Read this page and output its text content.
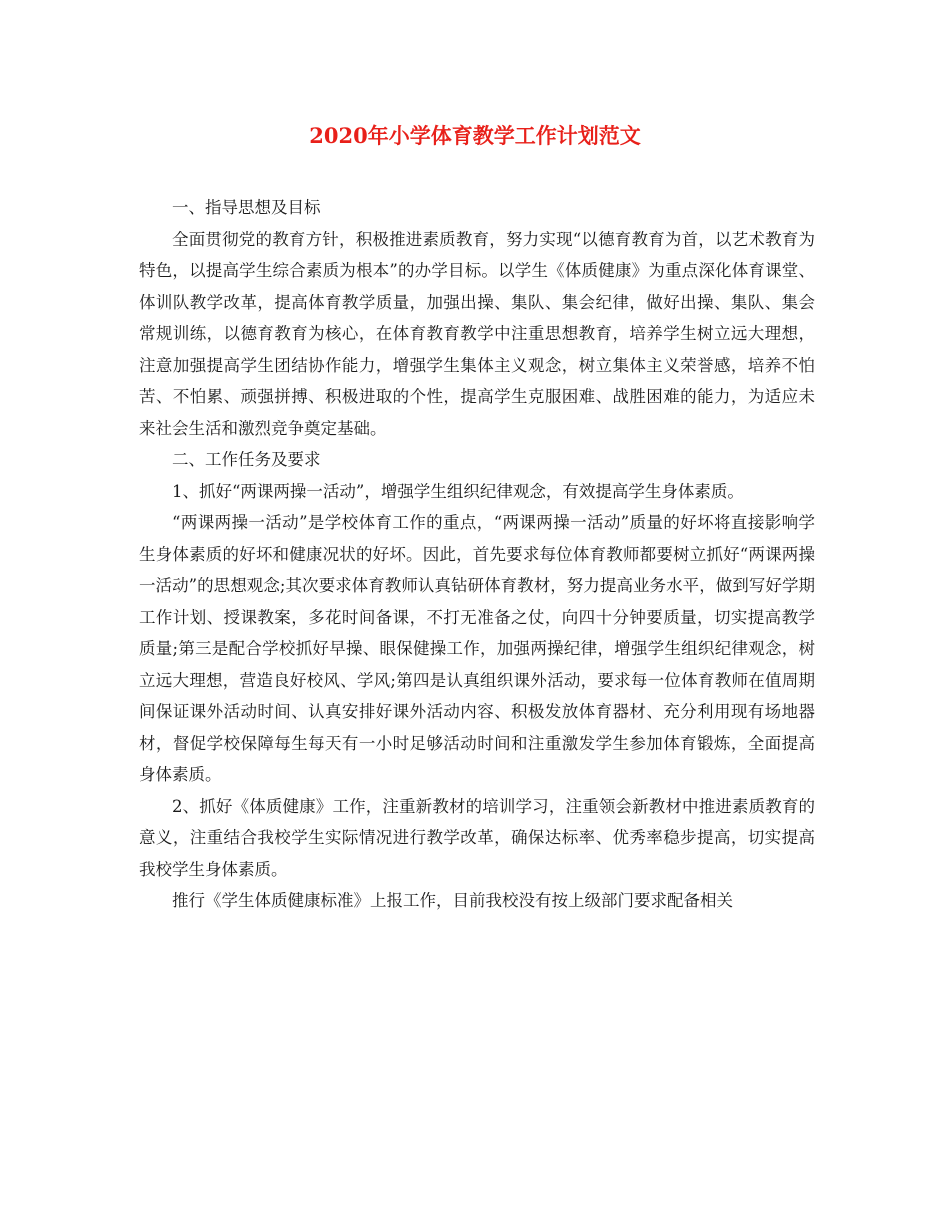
2020年小学体育教学工作计划范文

一、指导思想及目标

全面贯彻党的教育方针，积极推进素质教育，努力实现“以德育教育为首，以艺术教育为特色，以提高学生综合素质为根本”的办学目标。以学生《体质健康》为重点深化体育课堂、体训队教学改革，提高体育教学质量，加强出操、集队、集会纪律，做好出操、集队、集会常规训练，以德育教育为核心，在体育教育教学中注重思想教育，培养学生树立远大理想，注意加强提高学生团结协作能力，增强学生集体主义观念，树立集体主义荣誉感，培养不怕苦、不怕累、顽强拼搏、积极进取的个性，提高学生克服困难、战胜困难的能力，为适应未来社会生活和激烈竞争奠定基础。

二、工作任务及要求

1、抓好“两课两操一活动”，增强学生组织纪律观念，有效提高学生身体素质。

“两课两操一活动”是学校体育工作的重点，“两课两操一活动”质量的好坏将直接影响学生身体素质的好坏和健康况状的好坏。因此，首先要求每位体育教师都要树立抓好“两课两操一活动”的思想观念;其次要求体育教师认真钻研体育教材，努力提高业务水平，做到写好学期工作计划、授课教案，多花时间备课，不打无准备之仗，向四十分钟要质量，切实提高教学质量;第三是配合学校抓好早操、眼保健操工作，加强两操纪律，增强学生组织纪律观念，树立远大理想，营造良好校风、学风;第四是认真组织课外活动，要求每一位体育教师在值周期间保证课外活动时间、认真安排好课外活动内容、积极发放体育器材、充分利用现有场地器材，督促学校保障每生每天有一小时足够活动时间和注重激发学生参加体育锻炼，全面提高身体素质。

2、抓好《体质健康》工作，注重新教材的培训学习，注重领会新教材中推进素质教育的意义，注重结合我校学生实际情况进行教学改革，确保达标率、优秀率稳步提高，切实提高我校学生身体素质。

推行《学生体质健康标准》上报工作，目前我校没有按上级部门要求配备相关
